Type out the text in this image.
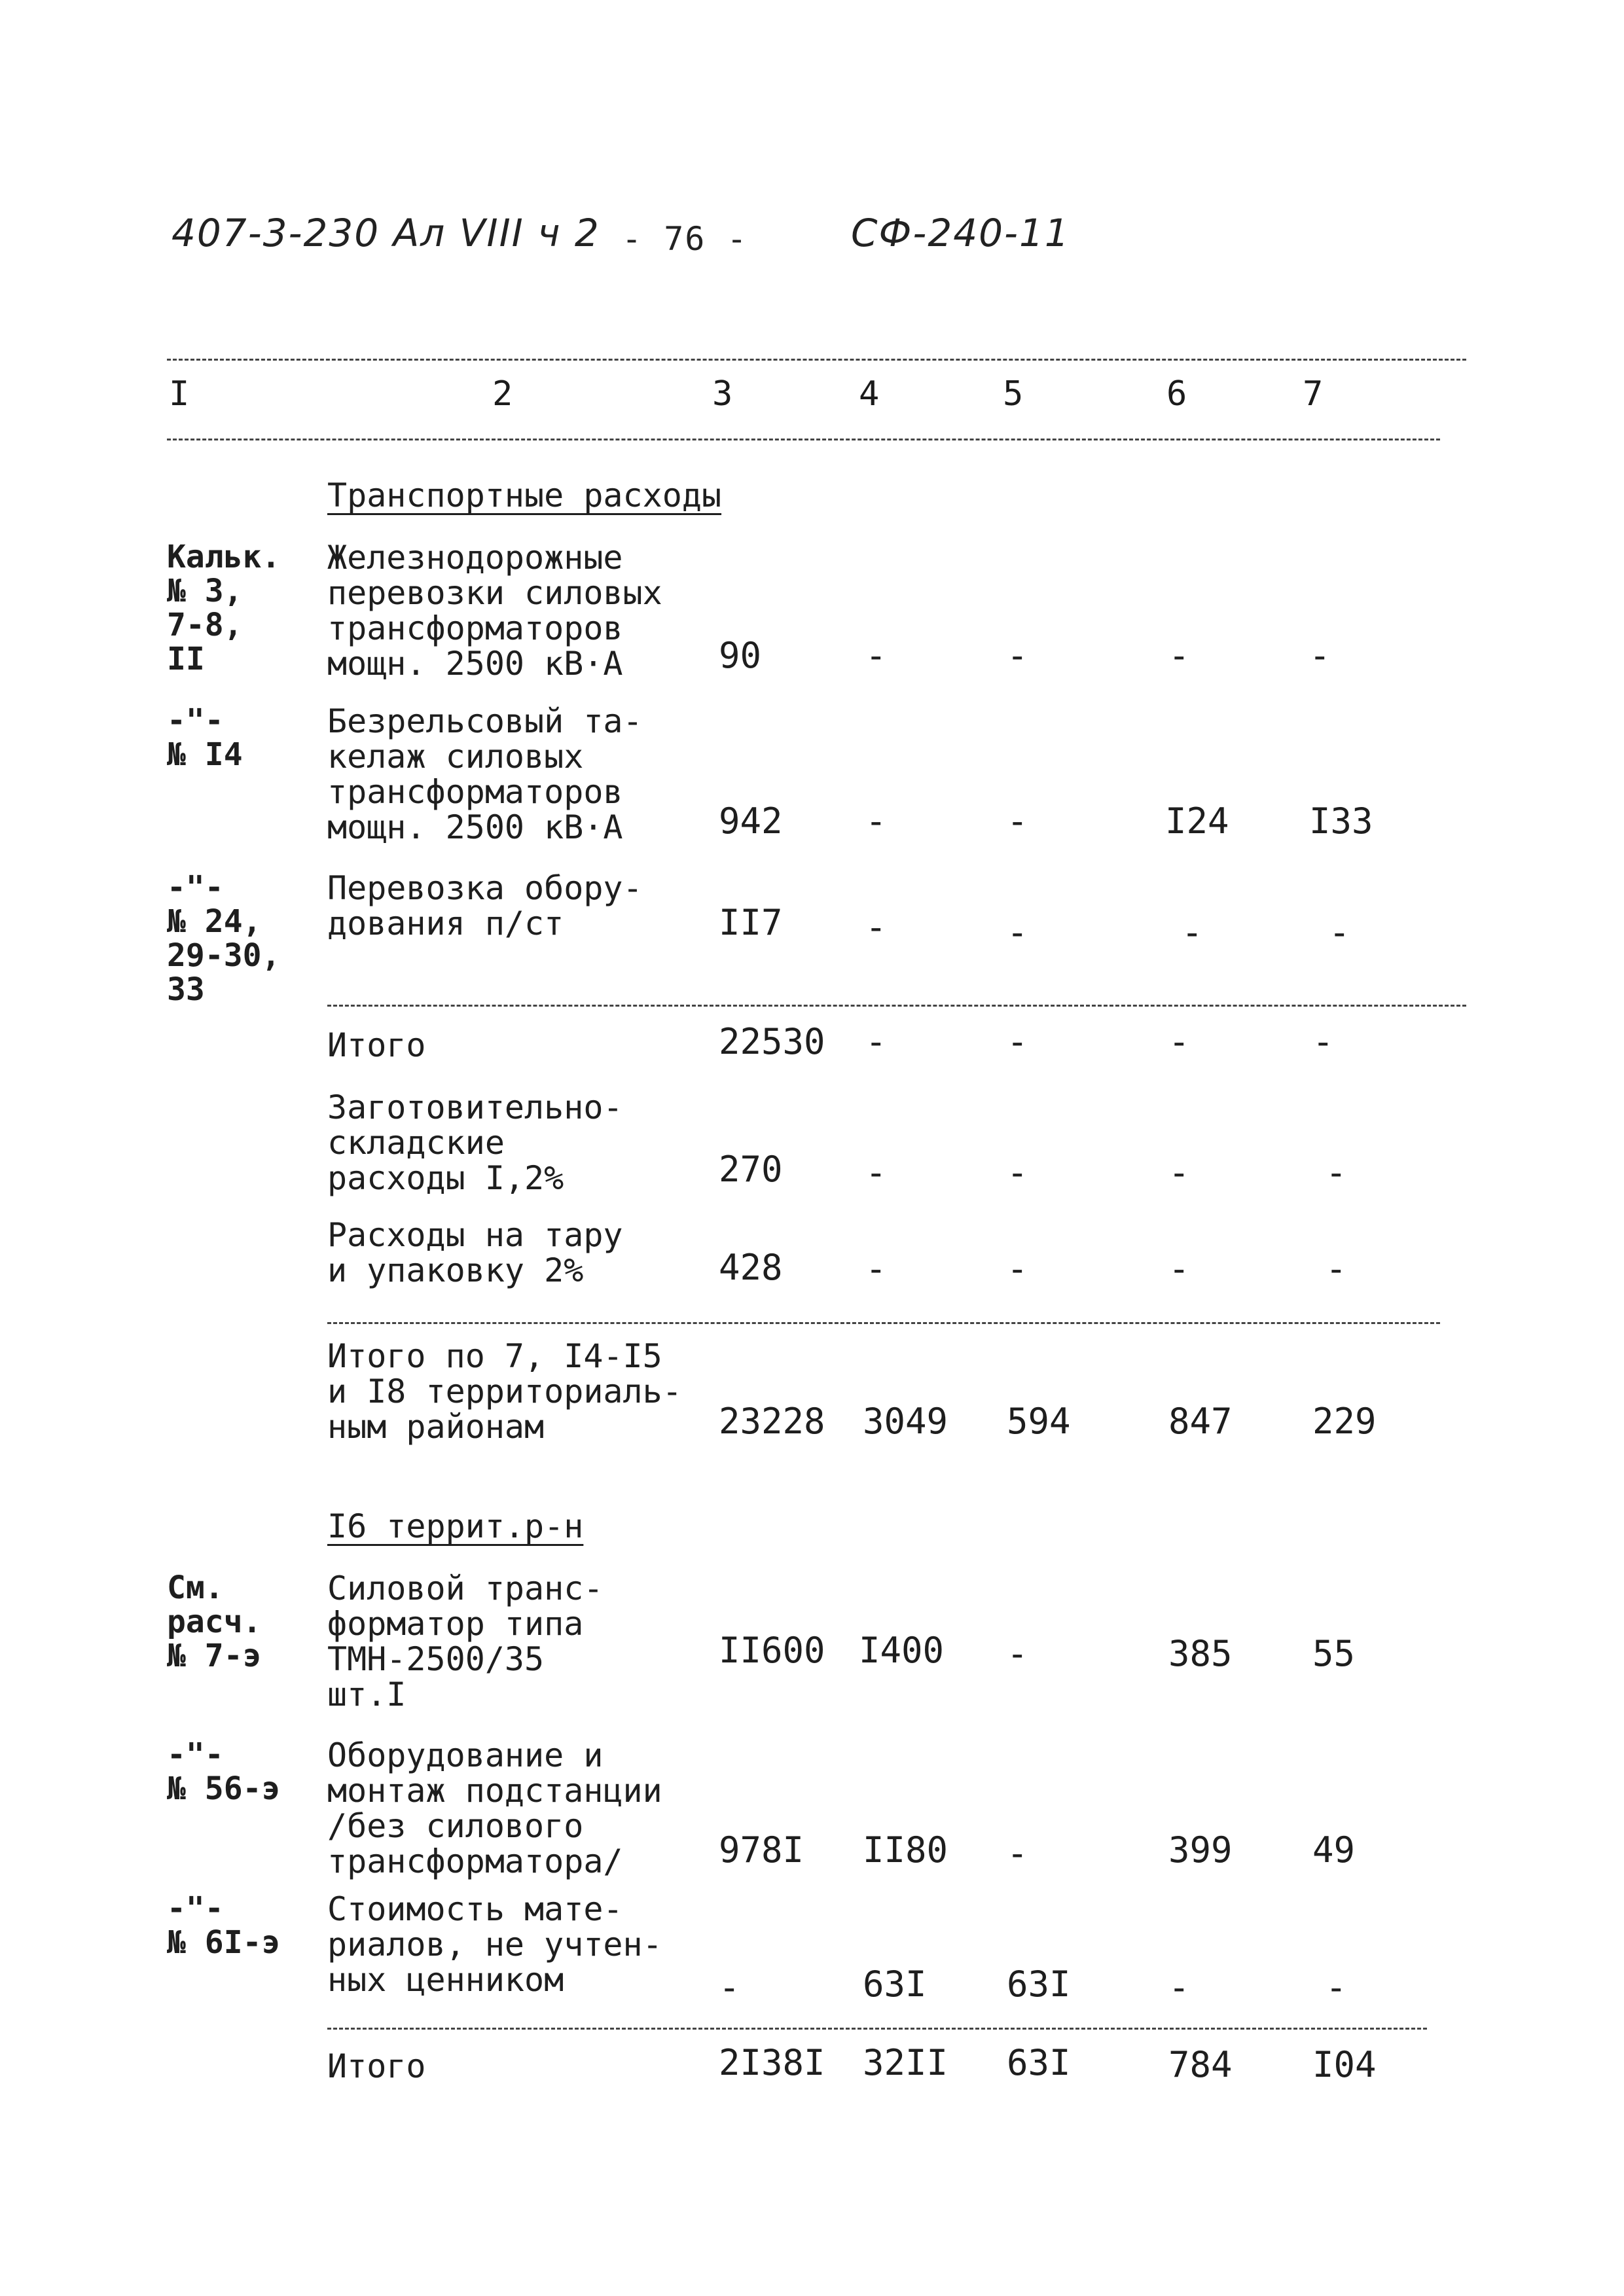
407-3-230 Ал VIII ч 2 - 76 -	СФ-240-11
I	2	3	4	5	6	7
Транспортные расходы
Кальк.
№ 3,
7-8,
II
Железнодорожные
перевозки силовых
трансформаторов
мощн. 2500 кВ·А	90	-	-	-	-
-"-
№ I4
Безрельсовый та-
келаж силовых
трансформаторов
мощн. 2500 кВ·А	942 -	-	I24 I33
-"-
№ 24,
29-30,
33
Перевозка обору-
дования п/ст	II7 -	-	-	-
Итого	22530 -	-	-	-
Заготовительно-
складские
расходы I,2%	270 -	-	-	-
Расходы на тару
и упаковку 2%	428 -	-	-	-
Итого по 7, I4-I5
и I8 территориаль-
ным районам	23228 3049 594	847 229
I6 террит.р-н
См.
расч.
№ 7-э
Силовой транс-
форматор типа
ТМН-2500/35
шт.I
II600 I400 -	385 55
-"-
№ 56-э
Оборудование и
монтаж подстанции
/без силового
трансформатора/	978I II80 -	399 49
-"-
№ 6I-э
Стоимость мате-
риалов, не учтен-
ных ценником	-	63I 63I	-	-
Итого	2I38I 32II 63I	784 I04
